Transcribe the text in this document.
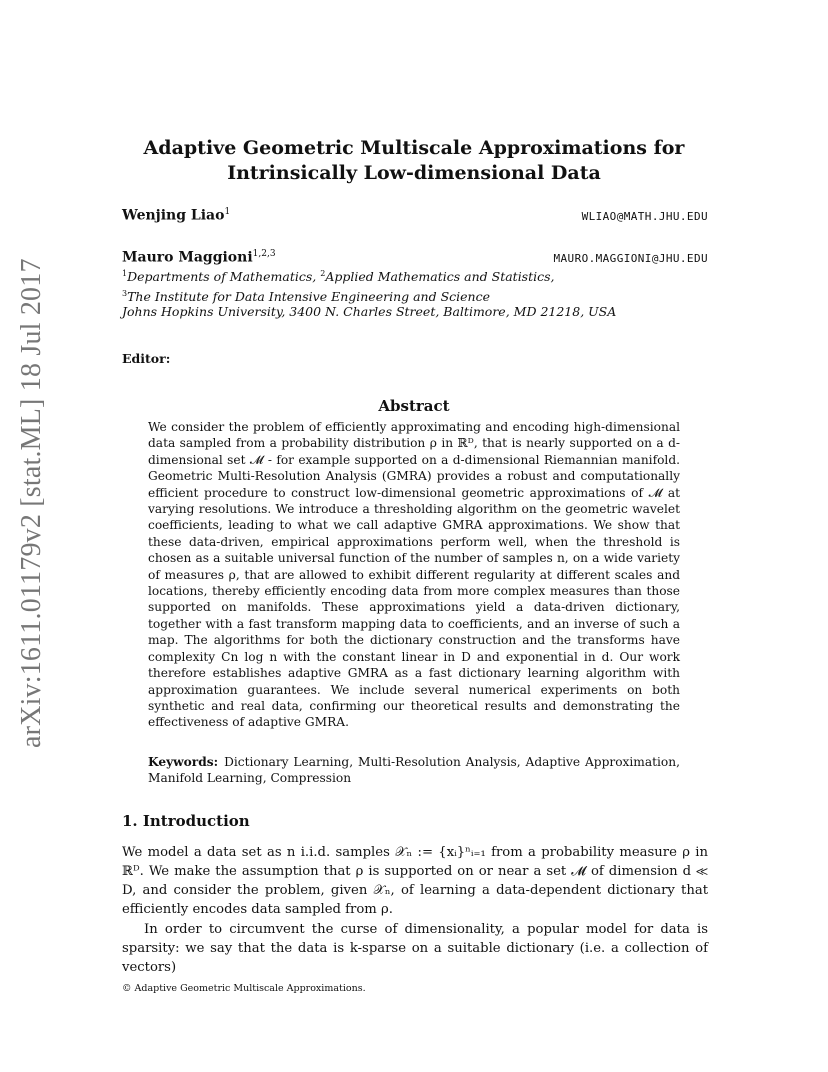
arXiv:1611.01179v2 [stat.ML] 18 Jul 2017
Adaptive Geometric Multiscale Approximations for
Intrinsically Low-dimensional Data
Wenjing Liao$^1$	WLIAO@MATH.JHU.EDU
Mauro Maggioni$^{1,2,3}$	MAURO.MAGGIONI@JHU.EDU
$^1$Departments of Mathematics, $^2$Applied Mathematics and Statistics,
$^3$The Institute for Data Intensive Engineering and Science
Johns Hopkins University, 3400 N. Charles Street, Baltimore, MD 21218, USA
Editor:
Abstract
We consider the problem of efficiently approximating and encoding high-dimensional data sampled from a probability distribution ρ in ℝᴰ, that is nearly supported on a d-dimensional set 𝓜 - for example supported on a d-dimensional Riemannian manifold. Geometric Multi-Resolution Analysis (GMRA) provides a robust and computationally efficient procedure to construct low-dimensional geometric approximations of 𝓜 at varying resolutions. We introduce a thresholding algorithm on the geometric wavelet coefficients, leading to what we call adaptive GMRA approximations. We show that these data-driven, empirical approximations perform well, when the threshold is chosen as a suitable universal function of the number of samples n, on a wide variety of measures ρ, that are allowed to exhibit different regularity at different scales and locations, thereby efficiently encoding data from more complex measures than those supported on manifolds. These approximations yield a data-driven dictionary, together with a fast transform mapping data to coefficients, and an inverse of such a map. The algorithms for both the dictionary construction and the transforms have complexity Cn log n with the constant linear in D and exponential in d. Our work therefore establishes adaptive GMRA as a fast dictionary learning algorithm with approximation guarantees. We include several numerical experiments on both synthetic and real data, confirming our theoretical results and demonstrating the effectiveness of adaptive GMRA.
Keywords: Dictionary Learning, Multi-Resolution Analysis, Adaptive Approximation, Manifold Learning, Compression
1. Introduction

We model a data set as n i.i.d. samples 𝒳ₙ := {xᵢ}ⁿᵢ₌₁ from a probability measure ρ in ℝᴰ. We make the assumption that ρ is supported on or near a set 𝓜 of dimension d ≪ D, and consider the problem, given 𝒳ₙ, of learning a data-dependent dictionary that efficiently encodes data sampled from ρ.

In order to circumvent the curse of dimensionality, a popular model for data is sparsity: we say that the data is k-sparse on a suitable dictionary (i.e. a collection of vectors)

© Adaptive Geometric Multiscale Approximations.
